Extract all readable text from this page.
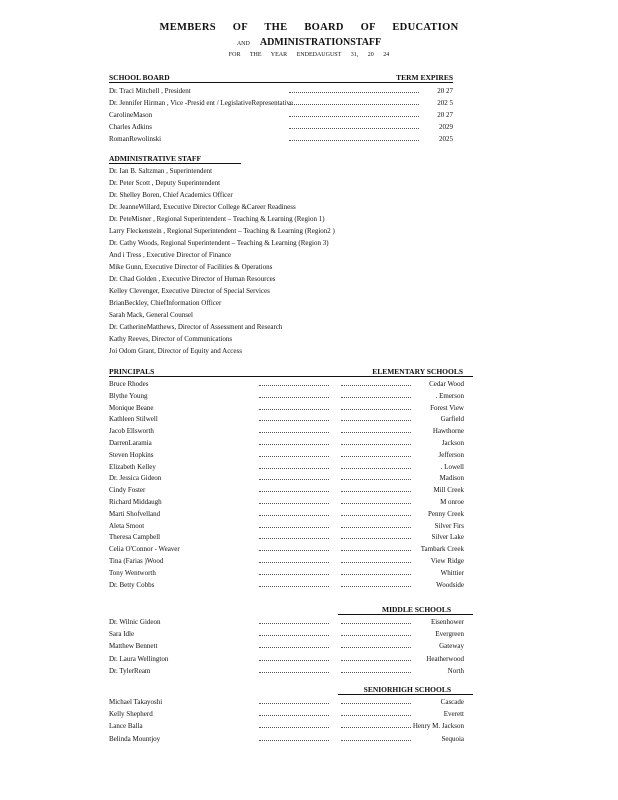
MEMBERS OF THE BOARD OF EDUCATION
AND ADMINISTRATIONSTAFF
FOR THE YEAR ENDEDAUGUST 31, 20 24
SCHOOL BOARD	TERM EXPIRES
Dr. Traci Mitchell , President	20 27
Dr. Jennifer Hirman , Vice -Presid ent / LegislativeRepresentative	202 5
CarolineMason	20 27
Charles Adkins	2029
RomanRewolinski	2025
ADMINISTRATIVE STAFF
Dr. Ian B. Saltzman , Superintendent
Dr. Peter Scott , Deputy Superintendent
Dr. Shelley Boren, Chief Academics Officer
Dr. JeanneWillard, Executive Director College &Career Readiness
Dr. PeteMisner , Regional Superintendent – Teaching & Learning (Region 1)
Larry Fleckenstein , Regional Superintendent – Teaching & Learning (Region2 )
Dr. Cathy Woods, Regional Superintendent – Teaching & Learning (Region 3)
And i Tress , Executive Director of Finance
Mike Gunn, Executive Director of Facilities & Operations
Dr. Chad Golden , Executive Director of Human Resources
Kelley Clevenger, Executive Director of Special Services
BrianBeckley, ChiefInformation Officer
Sarah Mack, General Counsel
Dr. CatherineMatthews, Director of Assessment and Research
Kathy Reeves, Director of Communications
Joi Odom Grant, Director of Equity and Access
PRINCIPALS	ELEMENTARY SCHOOLS
Bruce Rhodes	Cedar Wood
Blythe Young	. Emerson
Monique Beane	Forest View
Kathleen Stilwell	Garfield
Jacob Ellsworth	Hawthorne
DarrenLaramia	Jackson
Steven Hopkins	Jefferson
Elizabeth Kelley	. Lowell
Dr. Jessica Gideon	Madison
Cindy Foster	Mill Creek
Richard Middaugh	M onroe
Marti Shofvelland	Penny Creek
Aleta Smoot	Silver Firs
Theresa Campbell	Silver Lake
Celia O'Connor - Weaver	Tambark Creek
Tina (Farias )Wood	View Ridge
Tony Wentworth	Whittier
Dr. Betty Cobbs	Woodside
MIDDLE SCHOOLS

Dr. Wilnic Gideon	Eisenhower
Sara Idle	Evergreen
Matthew Bennett	Gateway
Dr. Laura Wellington	Heatherwood
Dr. TylerReam	North
SENIORHIGH SCHOOLS

Michael Takayoshi	Cascade
Kelly Shepherd	Everett
Lance Balla	Henry M. Jackson
Belinda Mountjoy	Sequoia
